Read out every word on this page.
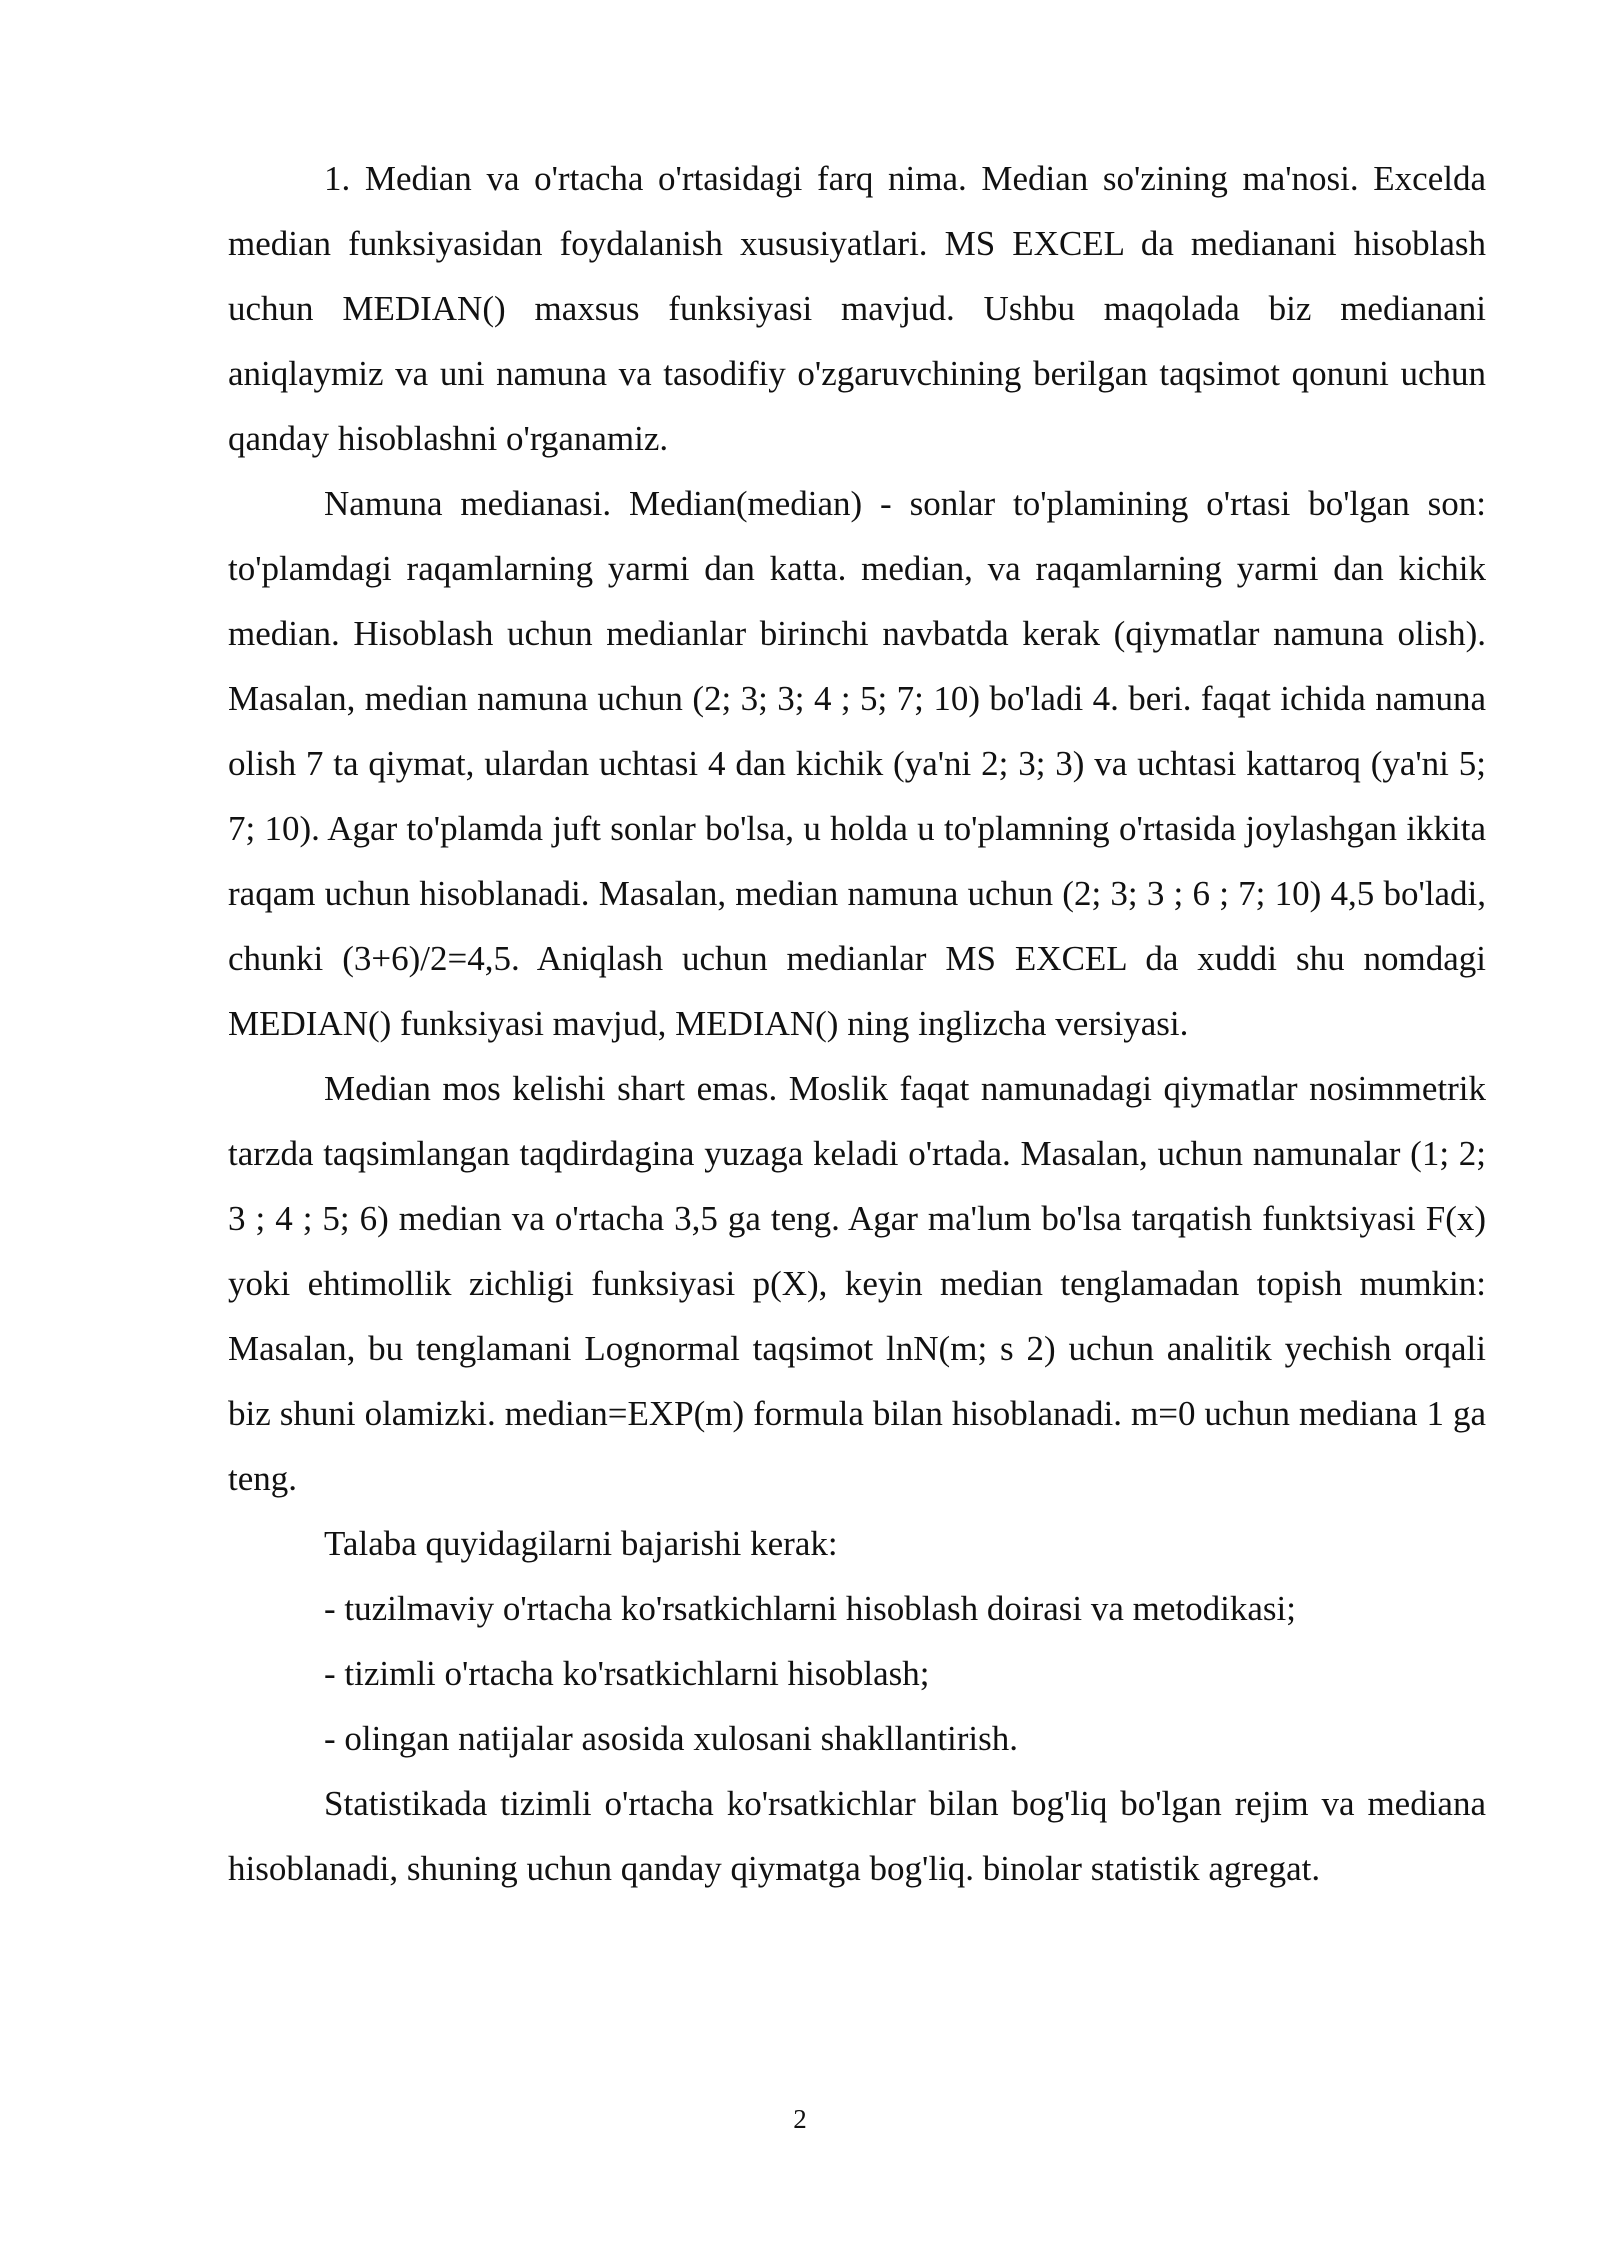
1. Median va o'rtacha o'rtasidagi farq nima. Median so'zining ma'nosi. Excelda median funksiyasidan foydalanish xususiyatlari. MS EXCEL da medianani hisoblash uchun MEDIAN() maxsus funksiyasi mavjud. Ushbu maqolada biz medianani aniqlaymiz va uni namuna va tasodifiy o'zgaruvchining berilgan taqsimot qonuni uchun qanday hisoblashni o'rganamiz.

Namuna medianasi. Median(median) - sonlar to'plamining o'rtasi bo'lgan son: to'plamdagi raqamlarning yarmi dan katta. median, va raqamlarning yarmi dan kichik median. Hisoblash uchun medianlar birinchi navbatda kerak (qiymatlar namuna olish). Masalan, median namuna uchun (2; 3; 3; 4 ; 5; 7; 10) bo'ladi 4. beri. faqat ichida namuna olish 7 ta qiymat, ulardan uchtasi 4 dan kichik (ya'ni 2; 3; 3) va uchtasi kattaroq (ya'ni 5; 7; 10). Agar to'plamda juft sonlar bo'lsa, u holda u to'plamning o'rtasida joylashgan ikkita raqam uchun hisoblanadi. Masalan, median namuna uchun (2; 3; 3 ; 6 ; 7; 10) 4,5 bo'ladi, chunki (3+6)/2=4,5. Aniqlash uchun medianlar MS EXCEL da xuddi shu nomdagi MEDIAN() funksiyasi mavjud, MEDIAN() ning inglizcha versiyasi.

Median mos kelishi shart emas. Moslik faqat namunadagi qiymatlar nosimmetrik tarzda taqsimlangan taqdirdagina yuzaga keladi o'rtada. Masalan, uchun namunalar (1; 2; 3 ; 4 ; 5; 6) median va o'rtacha 3,5 ga teng. Agar ma'lum bo'lsa tarqatish funktsiyasi F(x) yoki ehtimollik zichligi funksiyasi p(X), keyin median tenglamadan topish mumkin: Masalan, bu tenglamani Lognormal taqsimot lnN(m; s 2) uchun analitik yechish orqali biz shuni olamizki. median=EXP(m) formula bilan hisoblanadi. m=0 uchun mediana 1 ga teng.

Talaba quyidagilarni bajarishi kerak:

- tuzilmaviy o'rtacha ko'rsatkichlarni hisoblash doirasi va metodikasi;

- tizimli o'rtacha ko'rsatkichlarni hisoblash;

- olingan natijalar asosida xulosani shakllantirish.

Statistikada tizimli o'rtacha ko'rsatkichlar bilan bog'liq bo'lgan rejim va mediana hisoblanadi, shuning uchun qanday qiymatga bog'liq. binolar statistik agregat.

2
